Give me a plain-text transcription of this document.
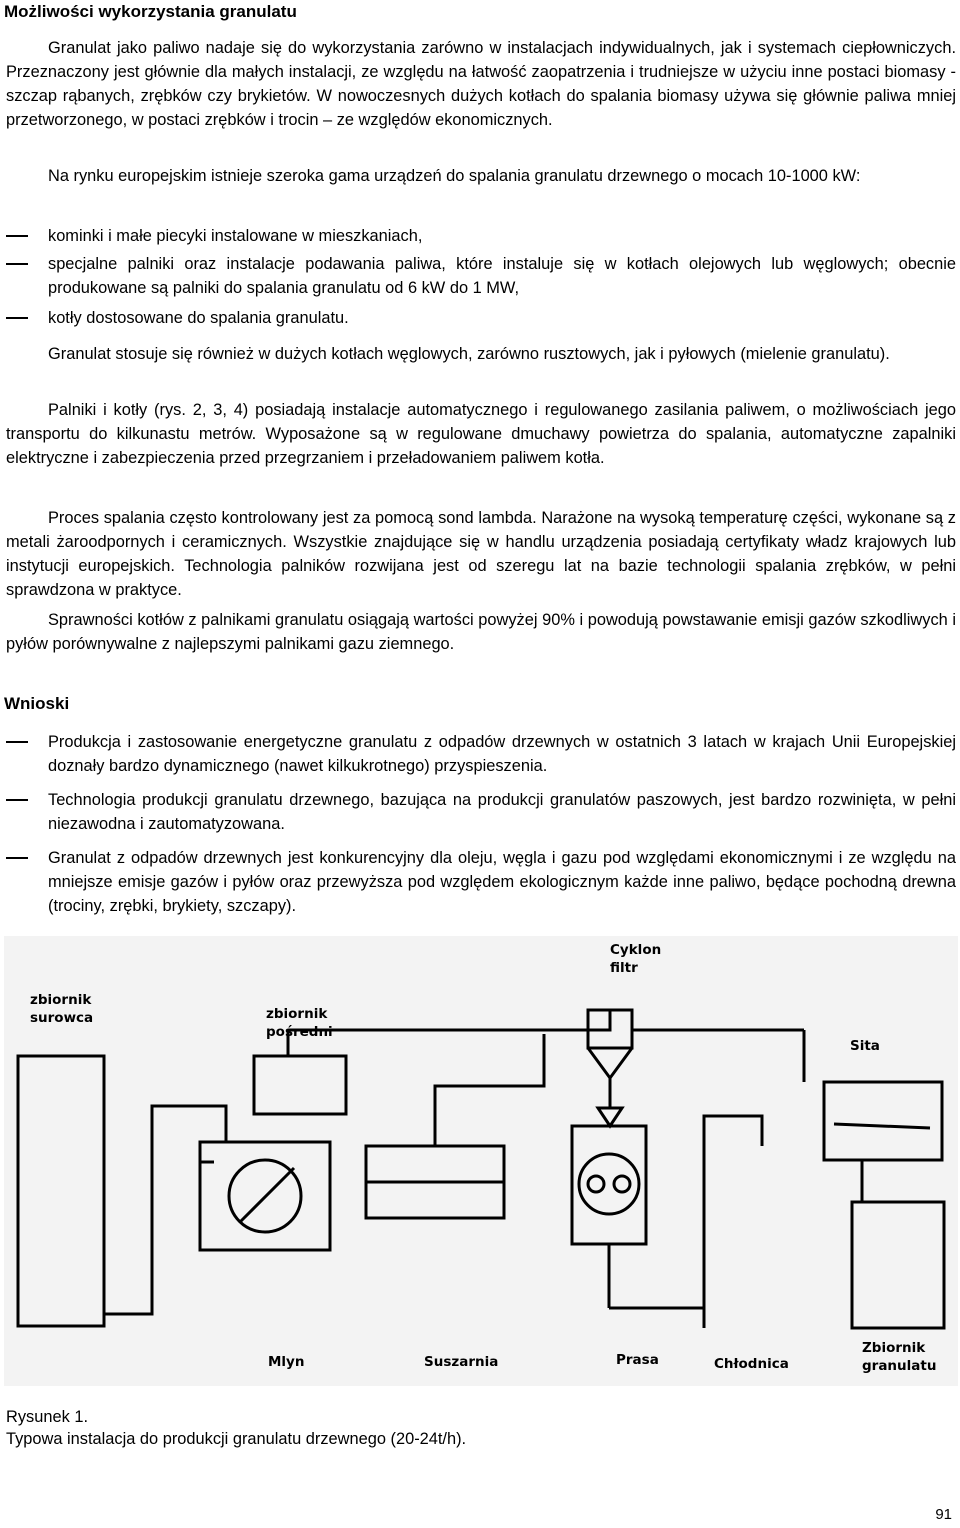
Możliwości wykorzystania granulatu

Granulat jako paliwo nadaje się do wykorzystania zarówno w instalacjach indywidualnych, jak i systemach ciepłowniczych. Przeznaczony jest głównie dla małych instalacji, ze względu na łatwość zaopatrzenia i trudniejsze w użyciu inne postaci biomasy - szczap rąbanych, zrębków czy brykietów. W nowoczesnych dużych kotłach do spalania biomasy używa się głównie paliwa mniej przetworzonego, w postaci zrębków i trocin – ze względów ekonomicznych.

Na rynku europejskim istnieje szeroka gama urządzeń do spalania granulatu drzewnego o mocach 10-1000 kW:

kominki i małe piecyki instalowane w mieszkaniach,
specjalne palniki oraz instalacje podawania paliwa, które instaluje się w kotłach olejowych lub węglowych; obecnie produkowane są palniki do spalania granulatu od 6 kW do 1 MW,
kotły dostosowane do spalania granulatu.

Granulat stosuje się również w dużych kotłach węglowych, zarówno rusztowych, jak i pyłowych (mielenie granulatu).

Palniki i kotły (rys. 2, 3, 4) posiadają instalacje automatycznego i regulowanego zasilania paliwem, o możliwościach jego transportu do kilkunastu metrów. Wyposażone są w regulowane dmuchawy powietrza do spalania, automatyczne zapalniki elektryczne i zabezpieczenia przed przegrzaniem i przeładowaniem paliwem kotła.

Proces spalania często kontrolowany jest za pomocą sond lambda. Narażone na wysoką temperaturę części, wykonane są z metali żaroodpornych i ceramicznych. Wszystkie znajdujące się w handlu urządzenia posiadają certyfikaty władz krajowych lub instytucji europejskich. Technologia palników rozwijana jest od szeregu lat na bazie technologii spalania zrębków, w pełni sprawdzona w praktyce.

Sprawności kotłów z palnikami granulatu osiągają wartości powyżej 90% i powodują powstawanie emisji gazów szkodliwych i pyłów porównywalne z najlepszymi palnikami gazu ziemnego.

Wnioski
Produkcja i zastosowanie energetyczne granulatu z odpadów drzewnych w ostatnich 3 latach w krajach Unii Europejskiej doznały bardzo dynamicznego (nawet kilkukrotnego) przyspieszenia.
Technologia produkcji granulatu drzewnego, bazująca na produkcji granulatów paszowych, jest bardzo rozwinięta, w pełni niezawodna i zautomatyzowana.
Granulat z odpadów drzewnych jest konkurencyjny dla oleju, węgla i gazu pod względami ekonomicznymi i ze względu na mniejsze emisje gazów i pyłów oraz przewyższa pod względem ekologicznym każde inne paliwo, będące pochodną drewna (trociny, zrębki, brykiety, szczapy).
zbiornik
surowca	zbiornik
pośredni
Cyklon
filtr
Sita
Mlyn	Suszarnia	Prasa	Chłodnica
Zbiornik
granulatu
Rysunek 1.
Typowa instalacja do produkcji granulatu drzewnego (20-24t/h).
91
